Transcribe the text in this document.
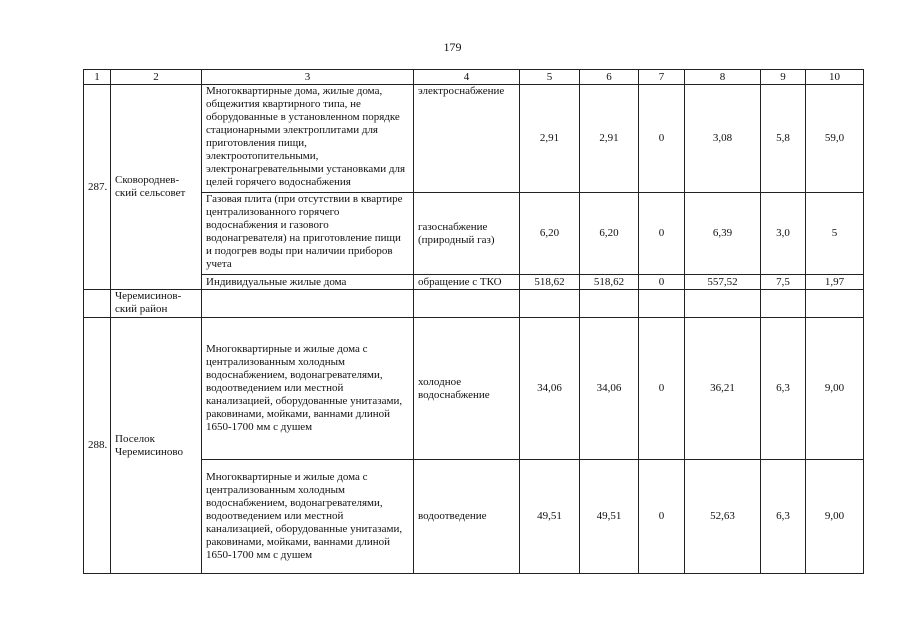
179
1	2	3	4	5	6	7	8	9	10
287.	Сковороднев-ский сельсовет	Многоквартирные дома, жилые дома, общежития квартирного типа, не оборудованные в установленном порядке стационарными электроплитами для приготовления пищи, электроотопительными, электронагревательными установками для целей горячего водоснабжения	электроснабжение	2,91	2,91	0	3,08	5,8	59,0
		Газовая плита (при отсутствии в квартире централизованного горячего водоснабжения и газового водонагревателя) на приготовление пищи и подогрев воды при наличии приборов учета	газоснабжение (природный газ)	6,20	6,20	0	6,39	3,0	5
		Индивидуальные жилые дома	обращение с ТКО	518,62	518,62	0	557,52	7,5	1,97
	Черемисинов-ский район								
288.	Поселок Черемисиново	Многоквартирные и жилые дома с централизованным холодным водоснабжением, водонагревателями, водоотведением или местной канализацией, оборудованные унитазами, раковинами, мойками, ваннами длиной 1650-1700 мм с душем	холодное водоснабжение	34,06	34,06	0	36,21	6,3	9,00
		Многоквартирные и жилые дома с централизованным холодным водоснабжением, водонагревателями, водоотведением или местной канализацией, оборудованные унитазами, раковинами, мойками, ваннами длиной 1650-1700 мм с душем	водоотведение	49,51	49,51	0	52,63	6,3	9,00
